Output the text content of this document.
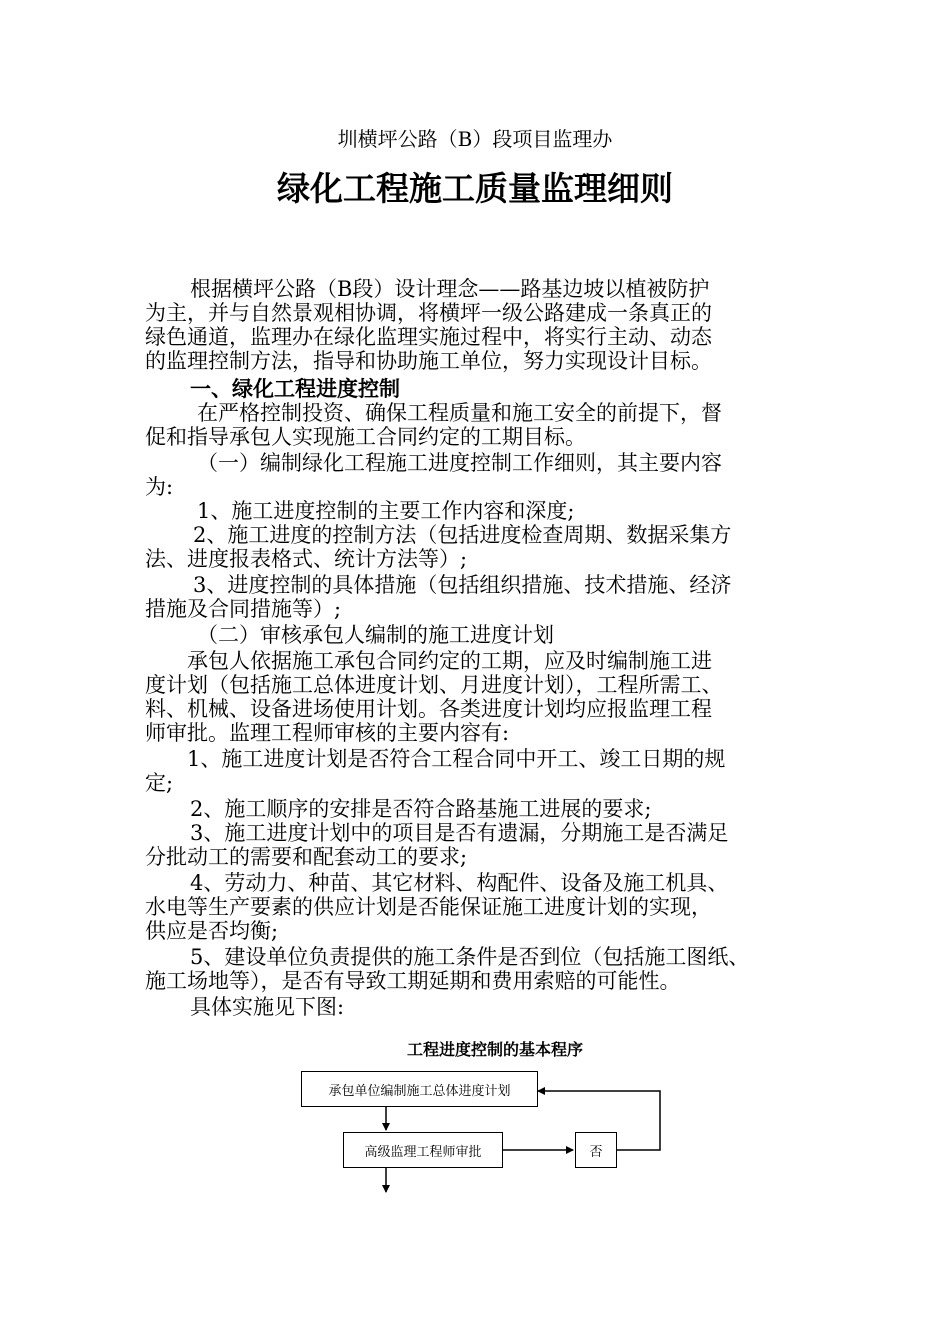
圳横坪公路（B）段项目监理办
绿化工程施工质量监理细则
根据横坪公路（B段）设计理念——路基边坡以植被防护
为主，并与自然景观相协调，将横坪一级公路建成一条真正的
绿色通道，监理办在绿化监理实施过程中，将实行主动、动态
的监理控制方法，指导和协助施工单位，努力实现设计目标。
一、绿化工程进度控制
在严格控制投资、确保工程质量和施工安全的前提下，督
促和指导承包人实现施工合同约定的工期目标。
（一）编制绿化工程施工进度控制工作细则，其主要内容
为:
1、施工进度控制的主要工作内容和深度;
2、施工进度的控制方法（包括进度检查周期、数据采集方
法、进度报表格式、统计方法等）;
3、进度控制的具体措施（包括组织措施、技术措施、经济
措施及合同措施等）;
（二）审核承包人编制的施工进度计划
承包人依据施工承包合同约定的工期，应及时编制施工进
度计划（包括施工总体进度计划、月进度计划），工程所需工、
料、机械、设备进场使用计划。各类进度计划均应报监理工程
师审批。监理工程师审核的主要内容有:
1、施工进度计划是否符合工程合同中开工、竣工日期的规
定;
2、施工顺序的安排是否符合路基施工进展的要求;
3、施工进度计划中的项目是否有遗漏，分期施工是否满足
分批动工的需要和配套动工的要求;
4、劳动力、种苗、其它材料、构配件、设备及施工机具、
水电等生产要素的供应计划是否能保证施工进度计划的实现，
供应是否均衡;
5、建设单位负责提供的施工条件是否到位（包括施工图纸、
施工场地等），是否有导致工期延期和费用索赔的可能性。
具体实施见下图:
工程进度控制的基本程序
承包单位编制施工总体进度计划
高级监理工程师审批	否
